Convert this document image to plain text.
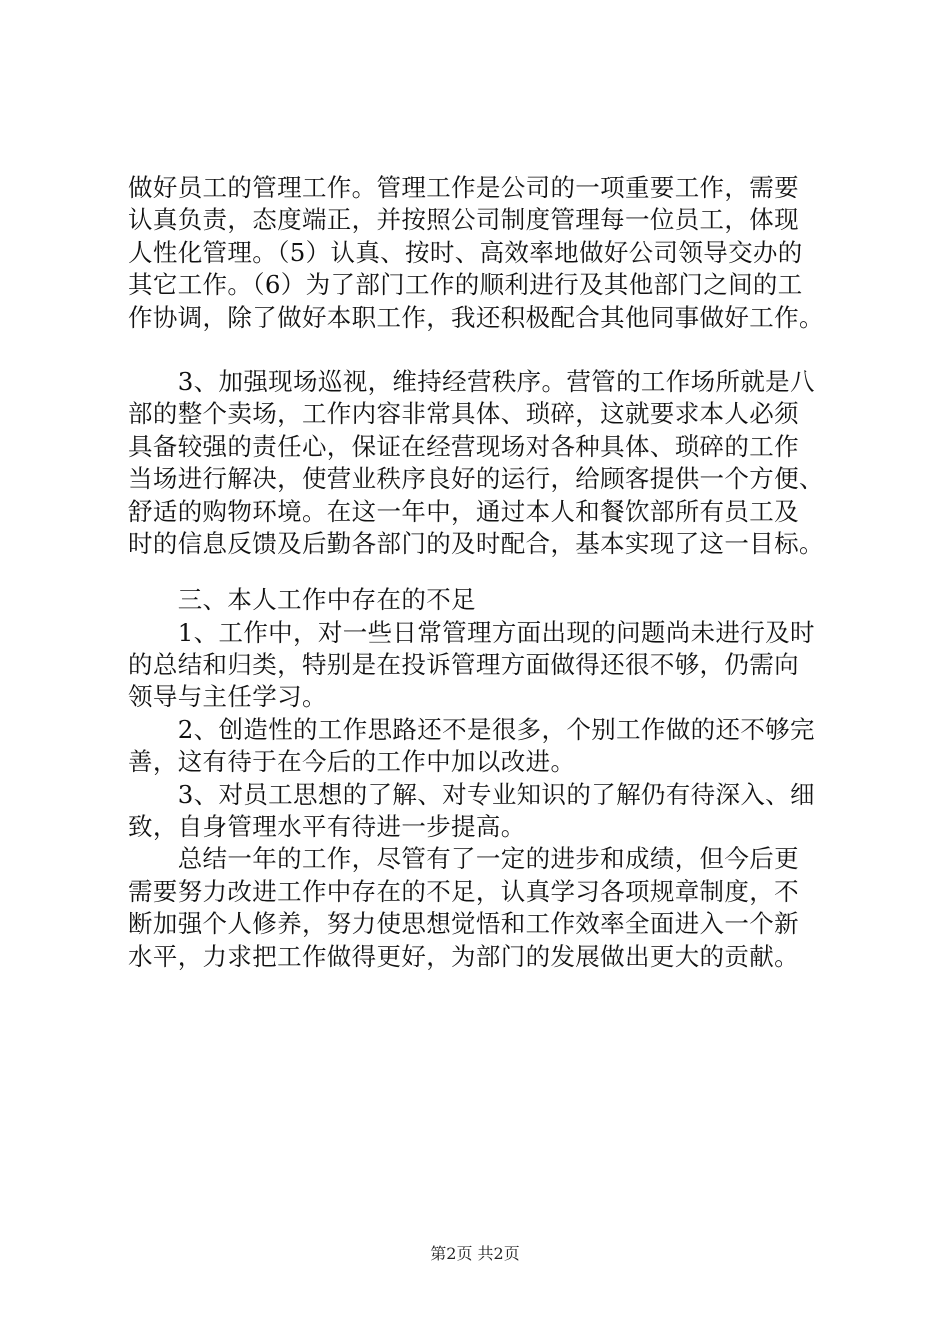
做好员工的管理工作。管理工作是公司的一项重要工作，需要
认真负责，态度端正，并按照公司制度管理每一位员工，体现
人性化管理。（5）认真、按时、高效率地做好公司领导交办的
其它工作。（6）为了部门工作的顺利进行及其他部门之间的工
作协调，除了做好本职工作，我还积极配合其他同事做好工作。
　　3、加强现场巡视，维持经营秩序。营管的工作场所就是八
部的整个卖场，工作内容非常具体、琐碎，这就要求本人必须
具备较强的责任心，保证在经营现场对各种具体、琐碎的工作
当场进行解决，使营业秩序良好的运行，给顾客提供一个方便、
舒适的购物环境。在这一年中，通过本人和餐饮部所有员工及
时的信息反馈及后勤各部门的及时配合，基本实现了这一目标。
　　三、本人工作中存在的不足
　　1、工作中，对一些日常管理方面出现的问题尚未进行及时
的总结和归类，特别是在投诉管理方面做得还很不够，仍需向
领导与主任学习。
　　2、创造性的工作思路还不是很多，个别工作做的还不够完
善，这有待于在今后的工作中加以改进。
　　3、对员工思想的了解、对专业知识的了解仍有待深入、细
致，自身管理水平有待进一步提高。
　　总结一年的工作，尽管有了一定的进步和成绩，但今后更
需要努力改进工作中存在的不足，认真学习各项规章制度，不
断加强个人修养，努力使思想觉悟和工作效率全面进入一个新
水平，力求把工作做得更好，为部门的发展做出更大的贡献。
第2页 共2页
